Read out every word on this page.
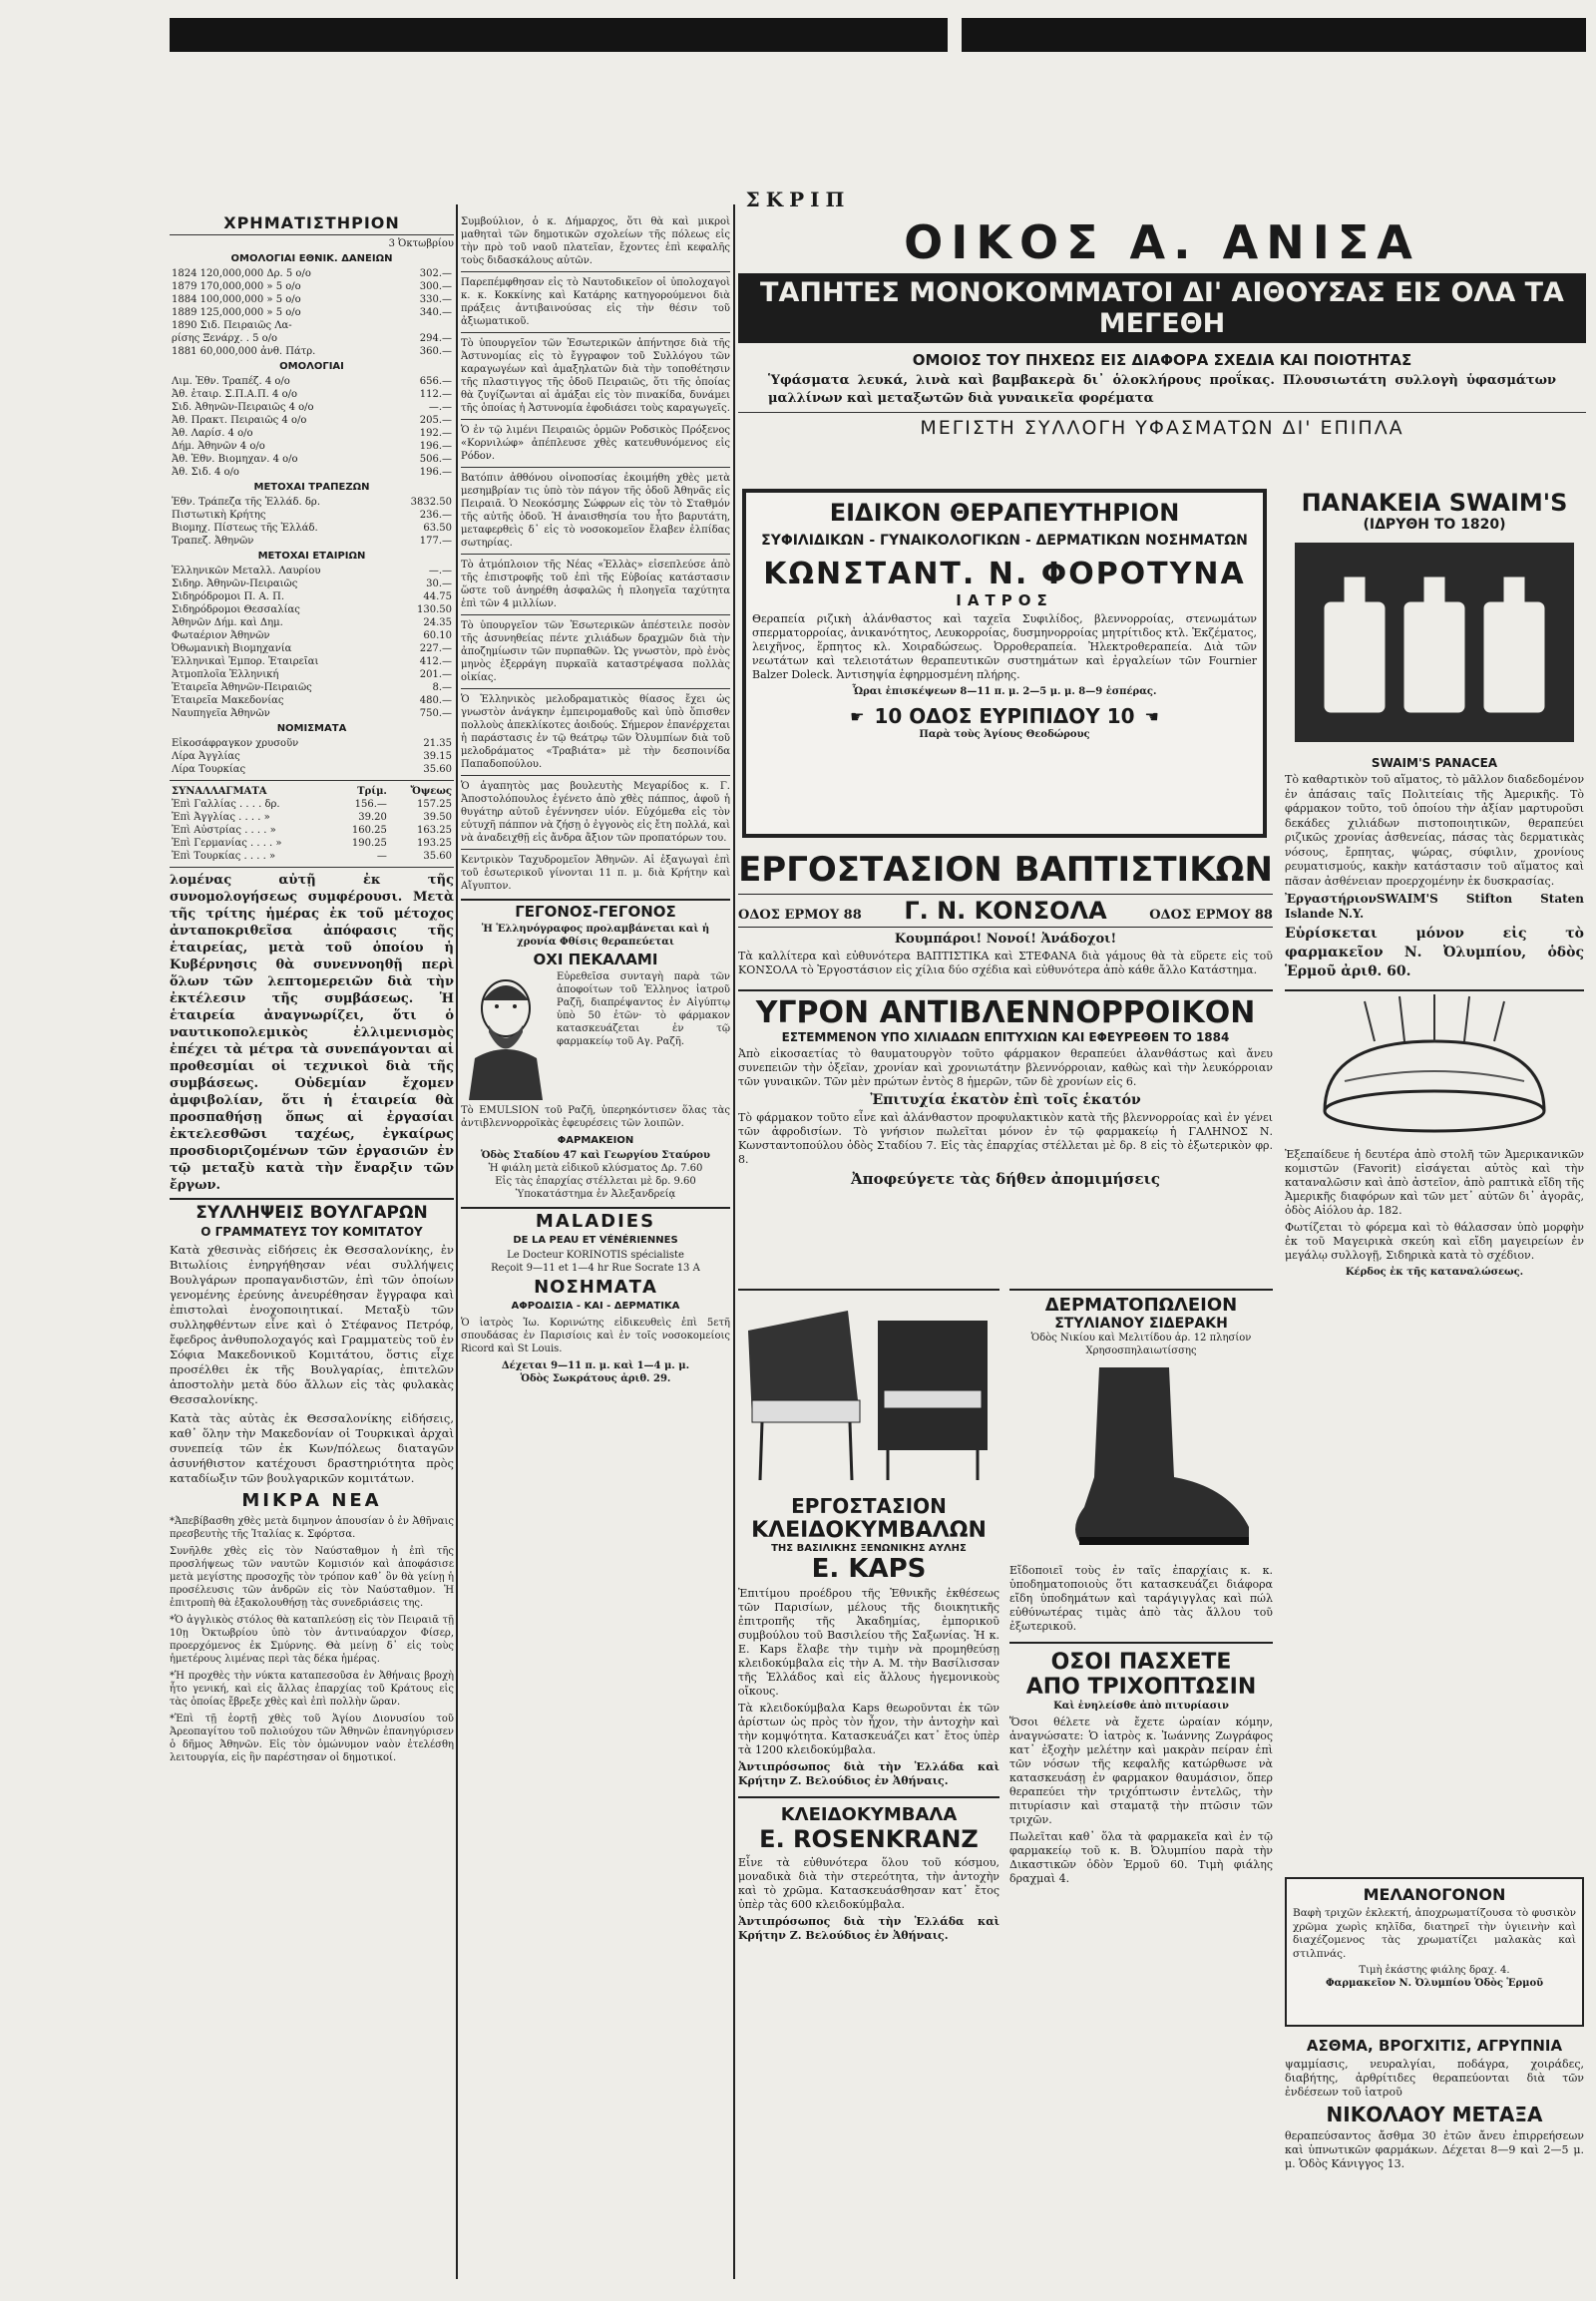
ΣΚΡΙΠ
ΧΡΗΜΑΤΙΣΤΗΡΙΟΝ
3 Ὀκτωβρίου
ΟΜΟΛΟΓΙΑΙ ΕΘΝΙΚ. ΔΑΝΕΙΩΝ
1824 120,000,000 Δρ. 5 ο/ο	302.—
1879 170,000,000 » 5 ο/ο	300.—
1884 100,000,000 » 5 ο/ο	330.—
1889 125,000,000 » 5 ο/ο	340.—
1890 Σιδ. Πειραιῶς Λα-	
ρίσης Ξενάρχ. . 5 ο/ο	294.—
1881 60,000,000 ἀνθ. Πάτρ.	360.—
ΟΜΟΛΟΓΙΑΙ
Λιμ. Ἐθν. Τραπέζ. 4 ο/ο	656.—
Ἀθ. ἐταιρ. Σ.Π.Α.Π. 4 ο/ο	112.—
Σιδ. Ἀθηνῶν-Πειραιῶς 4 ο/ο	—.—
Ἀθ. Πρακτ. Πειραιῶς 4 ο/ο	205.—
Ἀθ. Λαρίσ. 4 ο/ο	192.—
Δήμ. Ἀθηνῶν 4 ο/ο	196.—
Ἀθ. Ἐθν. Βιομηχαν. 4 ο/ο	506.—
Ἀθ. Σιδ. 4 ο/ο	196.—
ΜΕΤΟΧΑΙ ΤΡΑΠΕΖΩΝ
Ἐθν. Τράπεζα τῆς Ἑλλάδ. δρ.	3832.50
Πιστωτικὴ Κρήτης	236.—
Βιομηχ. Πίστεως τῆς Ἑλλάδ.	63.50
Τραπεζ. Ἀθηνῶν	177.—
ΜΕΤΟΧΑΙ ΕΤΑΙΡΙΩΝ
Ἑλληνικῶν Μεταλλ. Λαυρίου	—.—
Σιδηρ. Ἀθηνῶν-Πειραιῶς	30.—
Σιδηρόδρομοι Π. Α. Π.	44.75
Σιδηρόδρομοι Θεσσαλίας	130.50
Ἀθηνῶν Δήμ. καὶ Δημ.	24.35
Φωταέριον Ἀθηνῶν	60.10
Ὀθωμανικὴ Βιομηχανία	227.—
Ἑλληνικαὶ Ἐμπορ. Ἐταιρεῖαι	412.—
Ἀτμοπλοΐα Ἑλληνική	201.—
Ἐταιρεῖα Ἀθηνῶν-Πειραιῶς	8.—
Ἐταιρεῖα Μακεδονίας	480.—
Ναυπηγεῖα Ἀθηνῶν	750.—
ΝΟΜΙΣΜΑΤΑ
Εἰκοσάφραγκον χρυσοῦν	21.35
Λίρα Ἀγγλίας	39.15
Λίρα Τουρκίας	35.60
ΣΥΝΑΛΛΑΓΜΑΤΑ	Τρίμ.	Ὄψεως
Ἐπὶ Γαλλίας . . . . δρ.	156.—	157.25
Ἐπὶ Ἀγγλίας . . . . »	39.20	39.50
Ἐπὶ Αὐστρίας . . . . »	160.25	163.25
Ἐπὶ Γερμανίας . . . . »	190.25	193.25
Ἐπὶ Τουρκίας . . . . »	—	35.60

λομένας αὐτῇ ἐκ τῆς συνομολογήσεως συμφέρουσι. Μετὰ τῆς τρίτης ἡμέρας ἐκ τοῦ μέτοχος ἀνταποκριθεῖσα ἀπόφασις τῆς ἑταιρείας, μετὰ τοῦ ὁποίου ἡ Κυβέρνησις θὰ συνεννοηθῇ περὶ ὅλων τῶν λεπτομερειῶν διὰ τὴν ἐκτέλεσιν τῆς συμβάσεως. Ἡ ἑταιρεία ἀναγνωρίζει, ὅτι ὁ ναυτικοπολεμικὸς ἐλλιμενισμὸς ἐπέχει τὰ μέτρα τὰ συνεπάγονται αἱ προθεσμίαι οἱ τεχνικοὶ διὰ τῆς συμβάσεως. Οὐδεμίαν ἔχομεν ἀμφιβολίαν, ὅτι ἡ ἑταιρεία θὰ προσπαθήσῃ ὅπως αἱ ἐργασίαι ἐκτελεσθῶσι ταχέως, ἐγκαίρως προσδιοριζομένων τῶν ἐργασιῶν ἐν τῷ μεταξὺ κατὰ τὴν ἔναρξιν τῶν ἔργων.

ΣΥΛΛΗΨΕΙΣ ΒΟΥΛΓΑΡΩΝ
Ο ΓΡΑΜΜΑΤΕΥΣ ΤΟΥ ΚΟΜΙΤΑΤΟΥ

Κατὰ χθεσινὰς εἰδήσεις ἐκ Θεσσαλονίκης, ἐν Βιτωλίοις ἐνηργήθησαν νέαι συλλήψεις Βουλγάρων προπαγανδιστῶν, ἐπὶ τῶν ὁποίων γενομένης ἐρεύνης ἀνευρέθησαν ἔγγραφα καὶ ἐπιστολαὶ ἐνοχοποιητικαί. Μεταξὺ τῶν συλληφθέντων εἶνε καὶ ὁ Στέφανος Πετρόφ, ἔφεδρος ἀνθυπολοχαγός καὶ Γραμματεὺς τοῦ ἐν Σόφια Μακεδονικοῦ Κομιτάτου, ὅστις εἶχε προσέλθει ἐκ τῆς Βουλγαρίας, ἐπιτελῶν ἀποστολὴν μετὰ δύο ἄλλων εἰς τὰς φυλακὰς Θεσσαλονίκης.

Κατὰ τὰς αὐτὰς ἐκ Θεσσαλονίκης εἰδήσεις, καθ᾽ ὅλην τὴν Μακεδονίαν οἱ Τουρκικαὶ ἀρχαὶ συνεπείᾳ τῶν ἐκ Κων/πόλεως διαταγῶν ἀσυνήθιστον κατέχουσι δραστηριότητα πρὸς καταδίωξιν τῶν βουλγαρικῶν κομιτάτων.

ΜΙΚΡΑ ΝΕΑ

*Ἀπεβίβασθη χθὲς μετὰ διμηνον ἀπουσίαν ὁ ἐν Ἀθῆναις πρεσβευτὴς τῆς Ἰταλίας κ. Σφόρτσα.

Συνῆλθε χθὲς εἰς τὸν Ναύσταθμον ἡ ἐπὶ τῆς προσλήψεως τῶν ναυτῶν Κομισιόν καὶ ἀποφάσισε μετὰ μεγίστης προσοχῆς τὸν τρόπον καθ᾽ ὃν θὰ γείνῃ ἡ προσέλευσις τῶν ἀνδρῶν εἰς τὸν Ναύσταθμον. Ἡ ἐπιτροπὴ θὰ ἐξακολουθήσῃ τὰς συνεδριάσεις της.

*Ὁ ἀγγλικὸς στόλος θὰ καταπλεύσῃ εἰς τὸν Πειραιᾶ τῇ 10ῃ Ὀκτωβρίου ὑπὸ τὸν ἀντιναύαρχον Φίσερ, προερχόμενος ἐκ Σμύρνης. Θὰ μείνῃ δ᾽ εἰς τοὺς ἡμετέρους λιμένας περὶ τὰς δέκα ἡμέρας.

*Ἡ προχθὲς τὴν νύκτα καταπεσοῦσα ἐν Ἀθήναις βροχὴ ἦτο γενική, καὶ εἰς ἄλλας ἐπαρχίας τοῦ Κράτους εἰς τὰς ὁποίας ἔβρεξε χθὲς καὶ ἐπὶ πολλὴν ὥραν.

*Ἐπὶ τῇ ἑορτῇ χθὲς τοῦ Ἁγίου Διονυσίου τοῦ Ἀρεοπαγίτου τοῦ πολιούχου τῶν Ἀθηνῶν ἐπανηγύρισεν ὁ δῆμος Ἀθηνῶν. Εἰς τὸν ὁμώνυμον ναὸν ἐτελέσθη λειτουργία, εἰς ἣν παρέστησαν οἱ δημοτικοί.

Συμβούλιον, ὁ κ. Δήμαρχος, ὅτι θὰ καὶ μικροὶ μαθηταὶ τῶν δημοτικῶν σχολείων τῆς πόλεως εἰς τὴν πρὸ τοῦ ναοῦ πλατεῖαν, ἔχοντες ἐπὶ κεφαλῆς τοὺς διδασκάλους αὐτῶν.

Παρεπέμφθησαν εἰς τὸ Ναυτοδικεῖον οἱ ὑπολοχαγοὶ κ. κ. Κοκκίνης καὶ Κατάρης κατηγορούμενοι διὰ πράξεις ἀντιβαινούσας εἰς τὴν θέσιν τοῦ ἀξιωματικοῦ.

Τὸ ὑπουργεῖον τῶν Ἐσωτερικῶν ἀπήντησε διὰ τῆς Ἀστυνομίας εἰς τὸ ἔγγραφον τοῦ Συλλόγου τῶν καραγωγέων καὶ ἁμαξηλατῶν διὰ τὴν τοποθέτησιν τῆς πλαστιγγος τῆς ὁδοῦ Πειραιῶς, ὅτι τῆς ὁποίας θὰ ζυγίζωνται αἱ ἁμάξαι εἰς τὸν πινακίδα, δυνάμει τῆς ὁποίας ἡ Ἀστυνομία ἐφοδιάσει τοὺς καραγωγεῖς.

Ὁ ἐν τῷ λιμένι Πειραιῶς ὁρμῶν Ροδσικὸς Πρόξενος «Κορνιλώφ» ἀπέπλευσε χθὲς κατευθυνόμενος εἰς Ρόδον.

Βατόπιν ἀθθόνου οἰνοποσίας ἐκοιμήθη χθὲς μετὰ μεσημβρίαν τις ὑπὸ τὸν πάγον τῆς ὁδοῦ Ἀθηνᾶς εἰς Πειραιᾶ. Ὁ Νεοκόσμης Σώφρων εἰς τὸν τὸ Σταθμόν τῆς αὐτῆς ὁδοῦ. Ἡ ἀναισθησία του ἦτο βαρυτάτη, μεταφερθεὶς δ᾽ εἰς τὸ νοσοκομεῖον ἔλαβεν ἐλπίδας σωτηρίας.

Τὸ ἀτμόπλοιον τῆς Νέας «Ἑλλὰς» εἰσεπλεύσε ἀπὸ τῆς ἐπιστροφῆς τοῦ ἐπὶ τῆς Εὐβοίας κατάστασιν ὥστε τοῦ ἀνηρέθη ἀσφαλῶς ἡ πλοηγεῖα ταχύτητα ἐπὶ τῶν 4 μιλλίων.

Τὸ ὑπουργεῖον τῶν Ἐσωτερικῶν ἀπέστειλε ποσὸν τῆς ἀσυνηθείας πέντε χιλιάδων δραχμῶν διὰ τὴν ἀποζημίωσιν τῶν πυρπαθῶν. Ὡς γνωστὸν, πρὸ ἐνὸς μηνὸς ἐξερράγη πυρκαϊὰ καταστρέψασα πολλὰς οἰκίας.

Ὁ Ἑλληνικὸς μελοδραματικὸς θίασος ἔχει ὡς γνωστὸν ἀνάγκην ἐμπειρομαθοῦς καὶ ὑπὸ ὅπισθεν πολλοὺς ἀπεκλίκοτες ἀοιδούς. Σήμερον ἐπανέρχεται ἡ παράστασις ἐν τῷ θεάτρῳ τῶν Ὀλυμπίων διὰ τοῦ μελοδράματος «Τραβιάτα» μὲ τὴν δεσποινίδα Παπαδοπούλου.

Ὁ ἀγαπητὸς μας βουλευτὴς Μεγαρίδος κ. Γ. Ἀποστολόπουλος ἐγένετο ἀπὸ χθὲς πάππος, ἀφοῦ ἡ θυγάτηρ αὐτοῦ ἐγέννησεν υἱόν. Εὐχόμεθα εἰς τὸν εὐτυχῆ πάππον νὰ ζήσῃ ὁ ἐγγονὸς εἰς ἔτη πολλά, καὶ νὰ ἀναδειχθῇ εἰς ἄνδρα ἄξιον τῶν προπατόρων του.

Κεντρικὸν Ταχυδρομεῖον Ἀθηνῶν. Αἱ ἐξαγωγαὶ ἐπὶ τοῦ ἐσωτερικοῦ γίνονται 11 π. μ. διὰ Κρήτην καὶ Αἴγυπτον.

ΓΕΓΟΝΟΣ-ΓΕΓΟΝΟΣ
Ἡ Ἑλληνόγραφος προλαμβάνεται καὶ ἡ χρονία Φθίσις θεραπεύεται
ΟΧΙ ΠΕΚΑΛΑΜΙ

Εὐρεθεῖσα συνταγὴ παρὰ τῶν ἀποφοίτων τοῦ Ἑλληνος ἰατροῦ Ραζῆ, διαπρέψαντος ἐν Αἰγύπτῳ ὑπὸ 50 ἐτῶν· τὸ φάρμακον κατασκευάζεται ἐν τῷ φαρμακείῳ τοῦ Αγ. Ραζῆ.

Τὸ EMULSION τοῦ Ραζῆ, ὑπερηκόντισεν ὅλας τὰς ἀντιβλεννορροϊκὰς ἐφευρέσεις τῶν λοιπῶν.

ΦΑΡΜΑΚΕΙΟΝ
Ὁδὸς Σταδίου 47 καὶ Γεωργίου Σταύρου
Ἡ φιάλη μετὰ εἰδικοῦ κλύσματος Δρ. 7.60
Εἰς τὰς ἐπαρχίας στέλλεται μὲ δρ. 9.60
Ὑποκατάστημα ἐν Ἀλεξανδρείᾳ
MALADIES
DE LA PEAU ET VÉNÉRIENNES
Le Docteur KORINOTIS spécialiste
Reçoit 9—11 et 1—4 hr Rue Socrate 13 A
ΝΟΣΗΜΑΤΑ
ΑΦΡΟΔΙΣΙΑ - ΚΑΙ - ΔΕΡΜΑΤΙΚΑ

Ὁ ἰατρὸς Ἰω. Κορινώτης εἰδικευθεὶς ἐπὶ 5ετῆ σπουδάσας ἐν Παρισίοις καὶ ἐν τοῖς νοσοκομείοις Ricord καὶ St Louis.

Δέχεται 9—11 π. μ. καὶ 1—4 μ. μ.
Ὁδὸς Σωκράτους ἀριθ. 29.
ΟΙΚΟΣ Α. ΑΝΙΣΑ
ΤΑΠΗΤΕΣ ΜΟΝΟΚΟΜΜΑΤΟΙ ΔΙ' ΑΙΘΟΥΣΑΣ ΕΙΣ ΟΛΑ ΤΑ ΜΕΓΕΘΗ
ΟΜΟΙΟΣ ΤΟΥ ΠΗΧΕΩΣ ΕΙΣ ΔΙΑΦΟΡΑ ΣΧΕΔΙΑ ΚΑΙ ΠΟΙΟΤΗΤΑΣ

Ὑφάσματα λευκά, λινὰ καὶ βαμβακερὰ δι᾽ ὁλοκλήρους προΐκας. Πλουσιωτάτη συλλογὴ ὑφασμάτων μαλλίνων καὶ μεταξωτῶν διὰ γυναικεῖα φορέματα

ΜΕΓΙΣΤΗ ΣΥΛΛΟΓΗ ΥΦΑΣΜΑΤΩΝ ΔΙ' ΕΠΙΠΛΑ
ΕΙΔΙΚΟΝ ΘΕΡΑΠΕΥΤΗΡΙΟΝ
ΣΥΦΙΛΙΔΙΚΩΝ - ΓΥΝΑΙΚΟΛΟΓΙΚΩΝ - ΔΕΡΜΑΤΙΚΩΝ ΝΟΣΗΜΑΤΩΝ
ΚΩΝΣΤΑΝΤ. Ν. ΦΟΡΟΤΥΝΑ
ΙΑΤΡΟΣ

Θεραπεία ριζικὴ ἀλάνθαστος καὶ ταχεῖα Συφιλίδος, βλεννορροίας, στενωμάτων σπερματορροίας, ἀνικανότητος, Λευκορροίας, δυσμηνορροίας μητρίτιδος κτλ. Ἐκζέματος, λειχῆνος, ἕρπητος κλ. Χοιραδώσεως. Ὀρρoθεραπεία. Ἠλεκτροθεραπεία. Διὰ τῶν νεωτάτων καὶ τελειοτάτων θεραπευτικῶν συστημάτων καὶ ἐργαλείων τῶν Fournier Balzer Doleck. Ἀντισηψία ἐφηρμοσμένη πλήρης.

Ὧραι ἐπισκέψεων 8—11 π. μ. 2—5 μ. μ. 8—9 ἑσπέρας.
☛ 10 ΟΔΟΣ ΕΥΡΙΠΙΔΟΥ 10 ☚
Παρὰ τοὺς Ἁγίους Θεοδώρους
ΠΑΝΑΚΕΙΑ SWAIM'S
(ΙΔΡΥΘΗ ΤΟ 1820)
SWAIM'S PANACEA

Τὸ καθαρτικὸν τοῦ αἵματος, τὸ μᾶλλον διαδεδομένον ἐν ἁπάσαις ταῖς Πολιτείαις τῆς Ἀμερικῆς. Τὸ φάρμακον τοῦτο, τοῦ ὁποίου τὴν ἀξίαν μαρτυροῦσι δεκάδες χιλιάδων πιστοποιητικῶν, θεραπεύει ριζικῶς χρονίας ἀσθενείας, πάσας τὰς δερματικὰς νόσους, ἔρπητας, ψώρας, σύφιλιν, χρονίους ρευματισμούς, κακὴν κατάστασιν τοῦ αἵματος καὶ πᾶσαν ἀσθένειαν προερχομένην ἐκ δυσκρασίας.

ἘργαστήριονSWAIM'S Stifton Staten Islande N.Y.

Εὑρίσκεται μόνον εἰς τὸ φαρμακεῖον Ν. Ὀλυμπίου, ὁδὸς Ἑρμοῦ ἀριθ. 60.

Ἐξεπαίδευε ἡ δευτέρα ἀπὸ στολῆ τῶν Ἀμερικανικῶν κομιστῶν (Favorit) εἰσάγεται αὐτὸς καὶ τὴν καταναλῶσιν καὶ ἀπὸ ἀστεῖον, ἀπὸ ραπτικὰ εἴδη τῆς Ἀμερικῆς διαφόρων καὶ τῶν μετ᾽ αὐτῶν δι᾽ ἀγορᾶς, ὁδὸς Αἰόλου ἀρ. 182.

Φωτίζεται τὸ φόρεμα καὶ τὸ θάλασσαν ὑπὸ μορφὴν ἐκ τοῦ Μαγειρικὰ σκεύη καὶ εἴδη μαγειρείων ἐν μεγάλῳ συλλογῇ, Σιδηρικὰ κατὰ τὸ σχέδιον.

Κέρδος ἐκ τῆς καταναλώσεως.
ΕΡΓΟΣΤΑΣΙΟΝ ΒΑΠΤΙΣΤΙΚΩΝ
ΟΔΟΣ ΕΡΜΟΥ 88 Γ. Ν. ΚΟΝΣΟΛΑ	ΟΔΟΣ ΕΡΜΟΥ 88
Κουμπάροι! Νονοί! Ἀνάδοχοι!

Τὰ καλλίτερα καὶ εὐθυνότερα ΒΑΠΤΙΣΤΙΚΑ καὶ ΣΤΕΦΑΝΑ διὰ γάμους θὰ τὰ εὕρετε εἰς τοῦ ΚΟΝΣΟΛΑ τὸ Ἐργοστάσιον εἰς χίλια δύο σχέδια καὶ εὐθυνότερα ἀπὸ κάθε ἄλλο Κατάστημα.

ΥΓΡΟΝ ΑΝΤΙΒΛΕΝΝΟΡΡΟΙΚΟΝ
ΕΣΤΕΜΜΕΝΟΝ ΥΠΟ ΧΙΛΙΑΔΩΝ ΕΠΙΤΥΧΙΩΝ ΚΑΙ ΕΦΕΥΡΕΘΕΝ ΤΟ 1884

Ἀπὸ εἰκοσαετίας τὸ θαυματουργὸν τοῦτο φάρμακον θεραπεύει ἀλανθάστως καὶ ἄνευ συνεπειῶν τὴν ὀξεῖαν, χρονίαν καὶ χρονιωτάτην βλεννόρροιαν, καθὼς καὶ τὴν λευκόρροιαν τῶν γυναικῶν. Τῶν μὲν πρώτων ἐντὸς 8 ἡμερῶν, τῶν δὲ χρονίων εἰς 6.

Ἐπιτυχία ἑκατὸν ἐπὶ τοῖς ἑκατόν

Τὸ φάρμακον τοῦτο εἶνε καὶ ἀλάνθαστον προφυλακτικὸν κατὰ τῆς βλεννορροίας καὶ ἐν γένει τῶν ἀφροδισίων. Τὸ γνήσιον πωλεῖται μόνον ἐν τῷ φαρμακείῳ ἡ ΓΑΛΗΝΟΣ Ν. Κωνσταντοπούλου ὁδὸς Σταδίου 7. Εἰς τὰς ἐπαρχίας στέλλεται μὲ δρ. 8 εἰς τὸ ἐξωτερικὸν φρ. 8.

Ἀποφεύγετε τὰς δήθεν ἀπομιμήσεις
ΕΡΓΟΣΤΑΣΙΟΝ
ΚΛΕΙΔΟΚΥΜΒΑΛΩΝ
ΤΗΣ ΒΑΣΙΛΙΚΗΣ ΞΕΝΩΝΙΚΗΣ ΑΥΛΗΣ
E. KAPS

Ἐπιτίμου προέδρου τῆς Ἑθνικῆς ἐκθέσεως τῶν Παρισίων, μέλους τῆς διοικητικῆς ἐπιτροπῆς τῆς Ἀκαδημίας, ἐμπορικοῦ συμβούλου τοῦ Βασιλείου τῆς Σαξωνίας. Ἡ κ. Ε. Kaps ἔλαβε τὴν τιμὴν νὰ προμηθεύσῃ κλειδοκύμβαλα εἰς τὴν Α. Μ. τὴν Βασίλισσαν τῆς Ἑλλάδος καὶ εἰς ἄλλους ἡγεμονικοὺς οἴκους.

Τὰ κλειδοκύμβαλα Kaps θεωροῦνται ἐκ τῶν ἀρίστων ὡς πρὸς τὸν ἦχον, τὴν ἀντοχὴν καὶ τὴν κομψότητα. Κατασκευάζει κατ᾽ ἔτος ὑπὲρ τὰ 1200 κλειδοκύμβαλα.

Ἀντιπρόσωπος διὰ τὴν Ἑλλάδα καὶ Κρήτην Ζ. Βελούδιος ἐν Ἀθήναις.

ΚΛΕΙΔΟΚΥΜΒΑΛΑ
E. ROSENKRANZ

Εἶνε τὰ εὐθυνότερα ὅλου τοῦ κόσμου, μοναδικὰ διὰ τὴν στερεότητα, τὴν ἀντοχὴν καὶ τὸ χρῶμα. Κατασκευάσθησαν κατ᾽ ἔτος ὑπὲρ τὰς 600 κλειδοκύμβαλα.

Ἀντιπρόσωπος διὰ τὴν Ἑλλάδα καὶ Κρήτην Ζ. Βελούδιος ἐν Ἀθήναις.

ΔΕΡΜΑΤΟΠΩΛΕΙΟΝ
ΣΤΥΛΙΑΝΟΥ ΣΙΔΕΡΑΚΗ
Ὁδὸς Νικίου καὶ Μελιτίδου ἀρ. 12 πλησίον Χρησοσπηλαιωτίσσης

Εἴδοποιεῖ τοὺς ἐν ταῖς ἐπαρχίαις κ. κ. ὑποδηματοποιοὺς ὅτι κατασκευάζει διάφορα εἴδη ὑποδημάτων καὶ ταράγιγγλας καὶ πώλ εὐθύνωτέρας τιμὰς ἀπὸ τὰς ἄλλου τοῦ ἐξωτερικοῦ.

ΟΣΟΙ ΠΑΣΧΕΤΕ
ΑΠΟ ΤΡΙΧΟΠΤΩΣΙΝ
Καὶ ἐνηλείσθε ἀπὸ πιτυρίασιν

Ὅσοι θέλετε νὰ ἔχετε ὡραίαν κόμην, ἀναγνώσατε: Ὁ ἰατρὸς κ. Ἰωάννης Ζωγράφος κατ᾽ ἐξοχὴν μελέτην καὶ μακρὰν πείραν ἐπὶ τῶν νόσων τῆς κεφαλῆς κατώρθωσε νὰ κατασκευάσῃ ἐν φαρμακον θαυμάσιον, ὅπερ θεραπεύει τὴν τριχόπτωσιν ἐντελῶς, τὴν πιτυρίασιν καὶ σταματᾷ τὴν πτῶσιν τῶν τριχῶν.

Πωλεῖται καθ᾽ ὅλα τὰ φαρμακεῖα καὶ ἐν τῷ φαρμακείῳ τοῦ κ. Β. Ὀλυμπίου παρὰ τὴν Δικαστικῶν ὁδὸν Ἑρμοῦ 60. Τιμὴ φιάλης δραχμαὶ 4.

ΜΕΛΑΝΟΓΟΝΟΝ

Βαφὴ τριχῶν ἐκλεκτή, ἀποχρωματίζουσα τὸ φυσικὸν χρῶμα χωρὶς κηλῖδα, διατηρεῖ τὴν ὑγιεινὴν καὶ διαχέζομενος τὰς χρωματίζει μαλακὰς καὶ στιλπνάς.

Τιμὴ ἑκάστης φιάλης δραχ. 4.
Φαρμακεῖον Ν. Ὀλυμπίου Ὁδὸς Ἑρμοῦ
ΑΣΘΜΑ, ΒΡΟΓΧΙΤΙΣ, ΑΓΡΥΠΝΙΑ

ψαμμίασις, νευραλγίαι, ποδάγρα, χοιράδες, διαβήτης, ἀρθρίτιδες θεραπεύονται διὰ τῶν ἐνδέσεων τοῦ ἰατροῦ

ΝΙΚΟΛΑΟΥ ΜΕΤΑΞΑ

θεραπεύσαντος ἄσθμα 30 ἐτῶν ἄνευ ἐπιρρεήσεων καὶ ὑπνωτικῶν φαρμάκων. Δέχεται 8—9 καὶ 2—5 μ. μ. Ὁδὸς Κάνιγγος 13.
